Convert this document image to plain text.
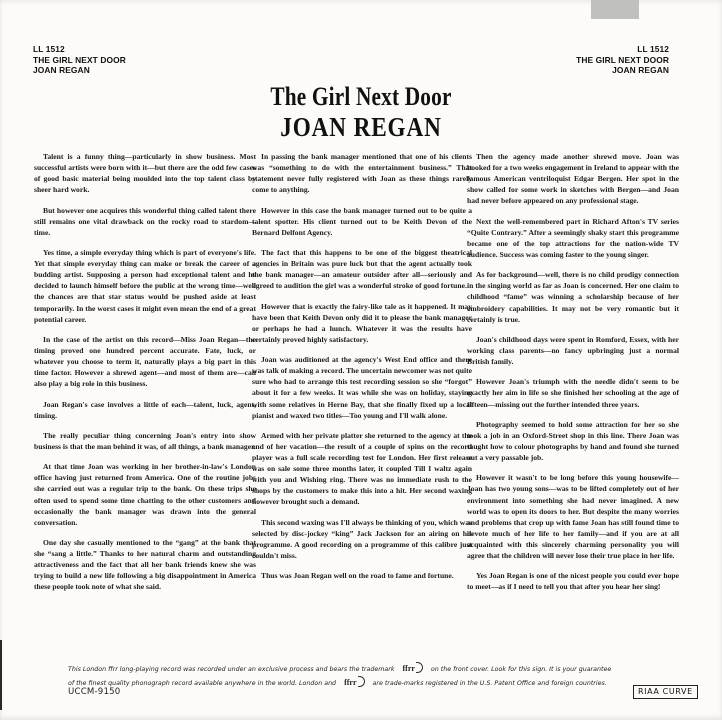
LL 1512
THE GIRL NEXT DOOR
JOAN REGAN
LL 1512
THE GIRL NEXT DOOR
JOAN REGAN
The Girl Next Door
JOAN REGAN

Talent is a funny thing—particularly in show business. Most successful artists were born with it—but there are the odd few cases of good basic material being moulded into the top talent class by sheer hard work.

But however one acquires this wonderful thing called talent there still remains one vital drawback on the rocky road to stardom—time.

Yes time, a simple everyday thing which is part of everyone's life. Yet that simple everyday thing can make or break the career of a budding artist. Supposing a person had exceptional talent and he decided to launch himself before the public at the wrong time—well the chances are that star status would be pushed aside at least temporarily. In the worst cases it might even mean the end of a great potential career.

In the case of the artist on this record—Miss Joan Regan—the timing proved one hundred percent accurate. Fate, luck, or whatever you choose to term it, naturally plays a big part in this time factor. However a shrewd agent—and most of them are—can also play a big role in this business.

Joan Regan's case involves a little of each—talent, luck, agent, timing.

The really peculiar thing concerning Joan's entry into show business is that the man behind it was, of all things, a bank manager.

At that time Joan was working in her brother-in-law's London office having just returned from America. One of the routine jobs she carried out was a regular trip to the bank. On these trips she often used to spend some time chatting to the other customers and occasionally the bank manager was drawn into the general conversation.

One day she casually mentioned to the “gang” at the bank that she “sang a little.” Thanks to her natural charm and outstanding attractiveness and the fact that all her bank friends knew she was trying to build a new life following a big disappointment in America these people took note of what she said.

In passing the bank manager mentioned that one of his clients was “something to do with the entertainment business.” That statement never fully registered with Joan as these things rarely come to anything.

However in this case the bank manager turned out to be quite a talent spotter. His client turned out to be Keith Devon of the Bernard Delfont Agency.

The fact that this happens to be one of the biggest theatrical agencies in Britain was pure luck but that the agent actually took the bank manager—an amateur outsider after all—seriously and agreed to audition the girl was a wonderful stroke of good fortune.

However that is exactly the fairy-like tale as it happened. It may have been that Keith Devon only did it to please the bank manager or perhaps he had a hunch. Whatever it was the results have certainly proved highly satisfactory.

Joan was auditioned at the agency's West End office and there was talk of making a record. The uncertain newcomer was not quite sure who had to arrange this test recording session so she “forgot” about it for a few weeks. It was while she was on holiday, staying with some relatives in Herne Bay, that she finally fixed up a local pianist and waxed two titles—Too young and I'll walk alone.

Armed with her private platter she returned to the agency at the end of her vacation—the result of a couple of spins on the record player was a full scale recording test for London. Her first release was on sale some three months later, it coupled Till I waltz again with you and Wishing ring. There was no immediate rush to the shops by the customers to make this into a hit. Her second waxing however brought such a demand.

This second waxing was I'll always be thinking of you, which was selected by disc-jockey “king” Jack Jackson for an airing on his programme. A good recording on a programme of this calibre just couldn't miss.

Thus was Joan Regan well on the road to fame and fortune.

Then the agency made another shrewd move. Joan was booked for a two weeks engagement in Ireland to appear with the famous American ventriloquist Edgar Bergen. Her spot in the show called for some work in sketches with Bergen—and Joan had never before appeared on any professional stage.

Next the well-remembered part in Richard Afton's TV series “Quite Contrary.” After a seemingly shaky start this programme became one of the top attractions for the nation-wide TV audience. Success was coming faster to the young singer.

As for background—well, there is no child prodigy connection in the singing world as far as Joan is concerned. Her one claim to childhood “fame” was winning a scholarship because of her embroidery capabilities. It may not be very romantic but it certainly is true.

Joan's childhood days were spent in Romford, Essex, with her working class parents—no fancy upbringing just a normal British family.

However Joan's triumph with the needle didn't seem to be exactly her aim in life so she finished her schooling at the age of fifteen—missing out the further intended three years.

Photography seemed to hold some attraction for her so she took a job in an Oxford-Street shop in this line. There Joan was taught how to colour photographs by hand and found she turned out a very passable job.

However it wasn't to be long before this young housewife—Joan has two young sons—was to be lifted completely out of her environment into something she had never imagined. A new world was to open its doors to her. But despite the many worries and problems that crop up with fame Joan has still found time to devote much of her life to her family—and if you are at all acquainted with this sincerely charming personality you will agree that the children will never lose their true place in her life.

Yes Joan Regan is one of the nicest people you could ever hope to meet—as if I need to tell you that after you hear her sing!

This London ffrr long-playing record was recorded under an exclusive process and bears the trademark ffrr	on the front cover. Look for this sign. It is your guarantee
of the finest quality phonograph record available anywhere in the world. London and ffrr	are trade-marks registered in the U.S. Patent Office and foreign countries.
UCCM-9150	RIAA CURVE
